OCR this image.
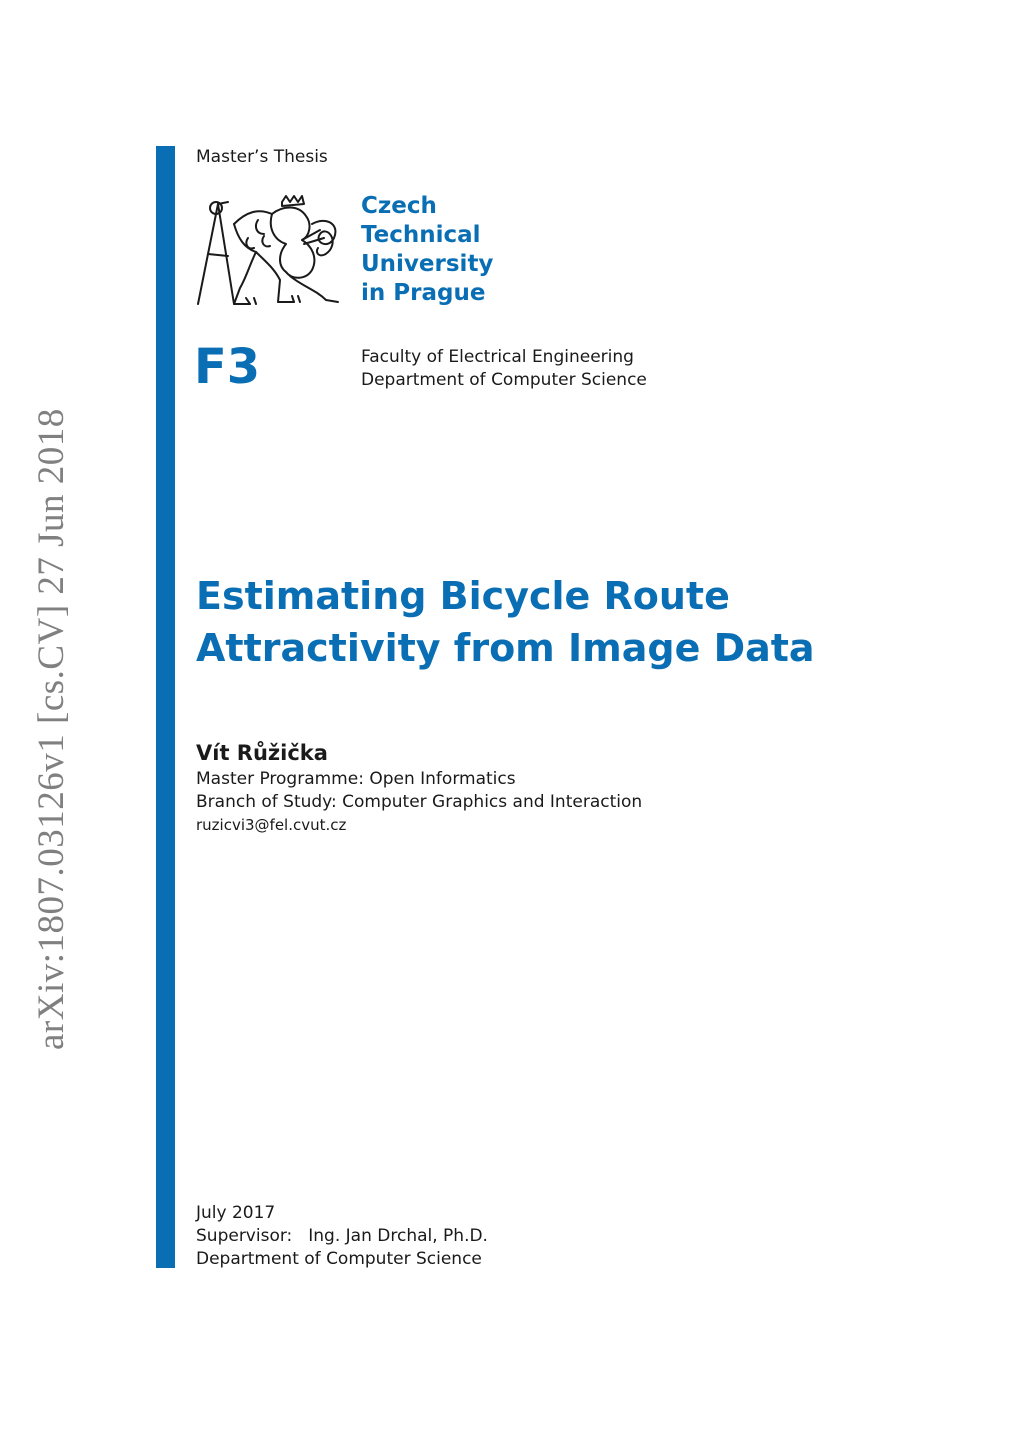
arXiv:1807.03126v1 [cs.CV] 27 Jun 2018
Master’s Thesis
Czech
Technical
University
in Prague
F3	Faculty of Electrical Engineering
Department of Computer Science
Estimating Bicycle Route
Attractivity from Image Data
Vít Růžička
Master Programme: Open Informatics
Branch of Study: Computer Graphics and Interaction
ruzicvi3@fel.cvut.cz
July 2017
Supervisor: Ing. Jan Drchal, Ph.D.
Department of Computer Science
